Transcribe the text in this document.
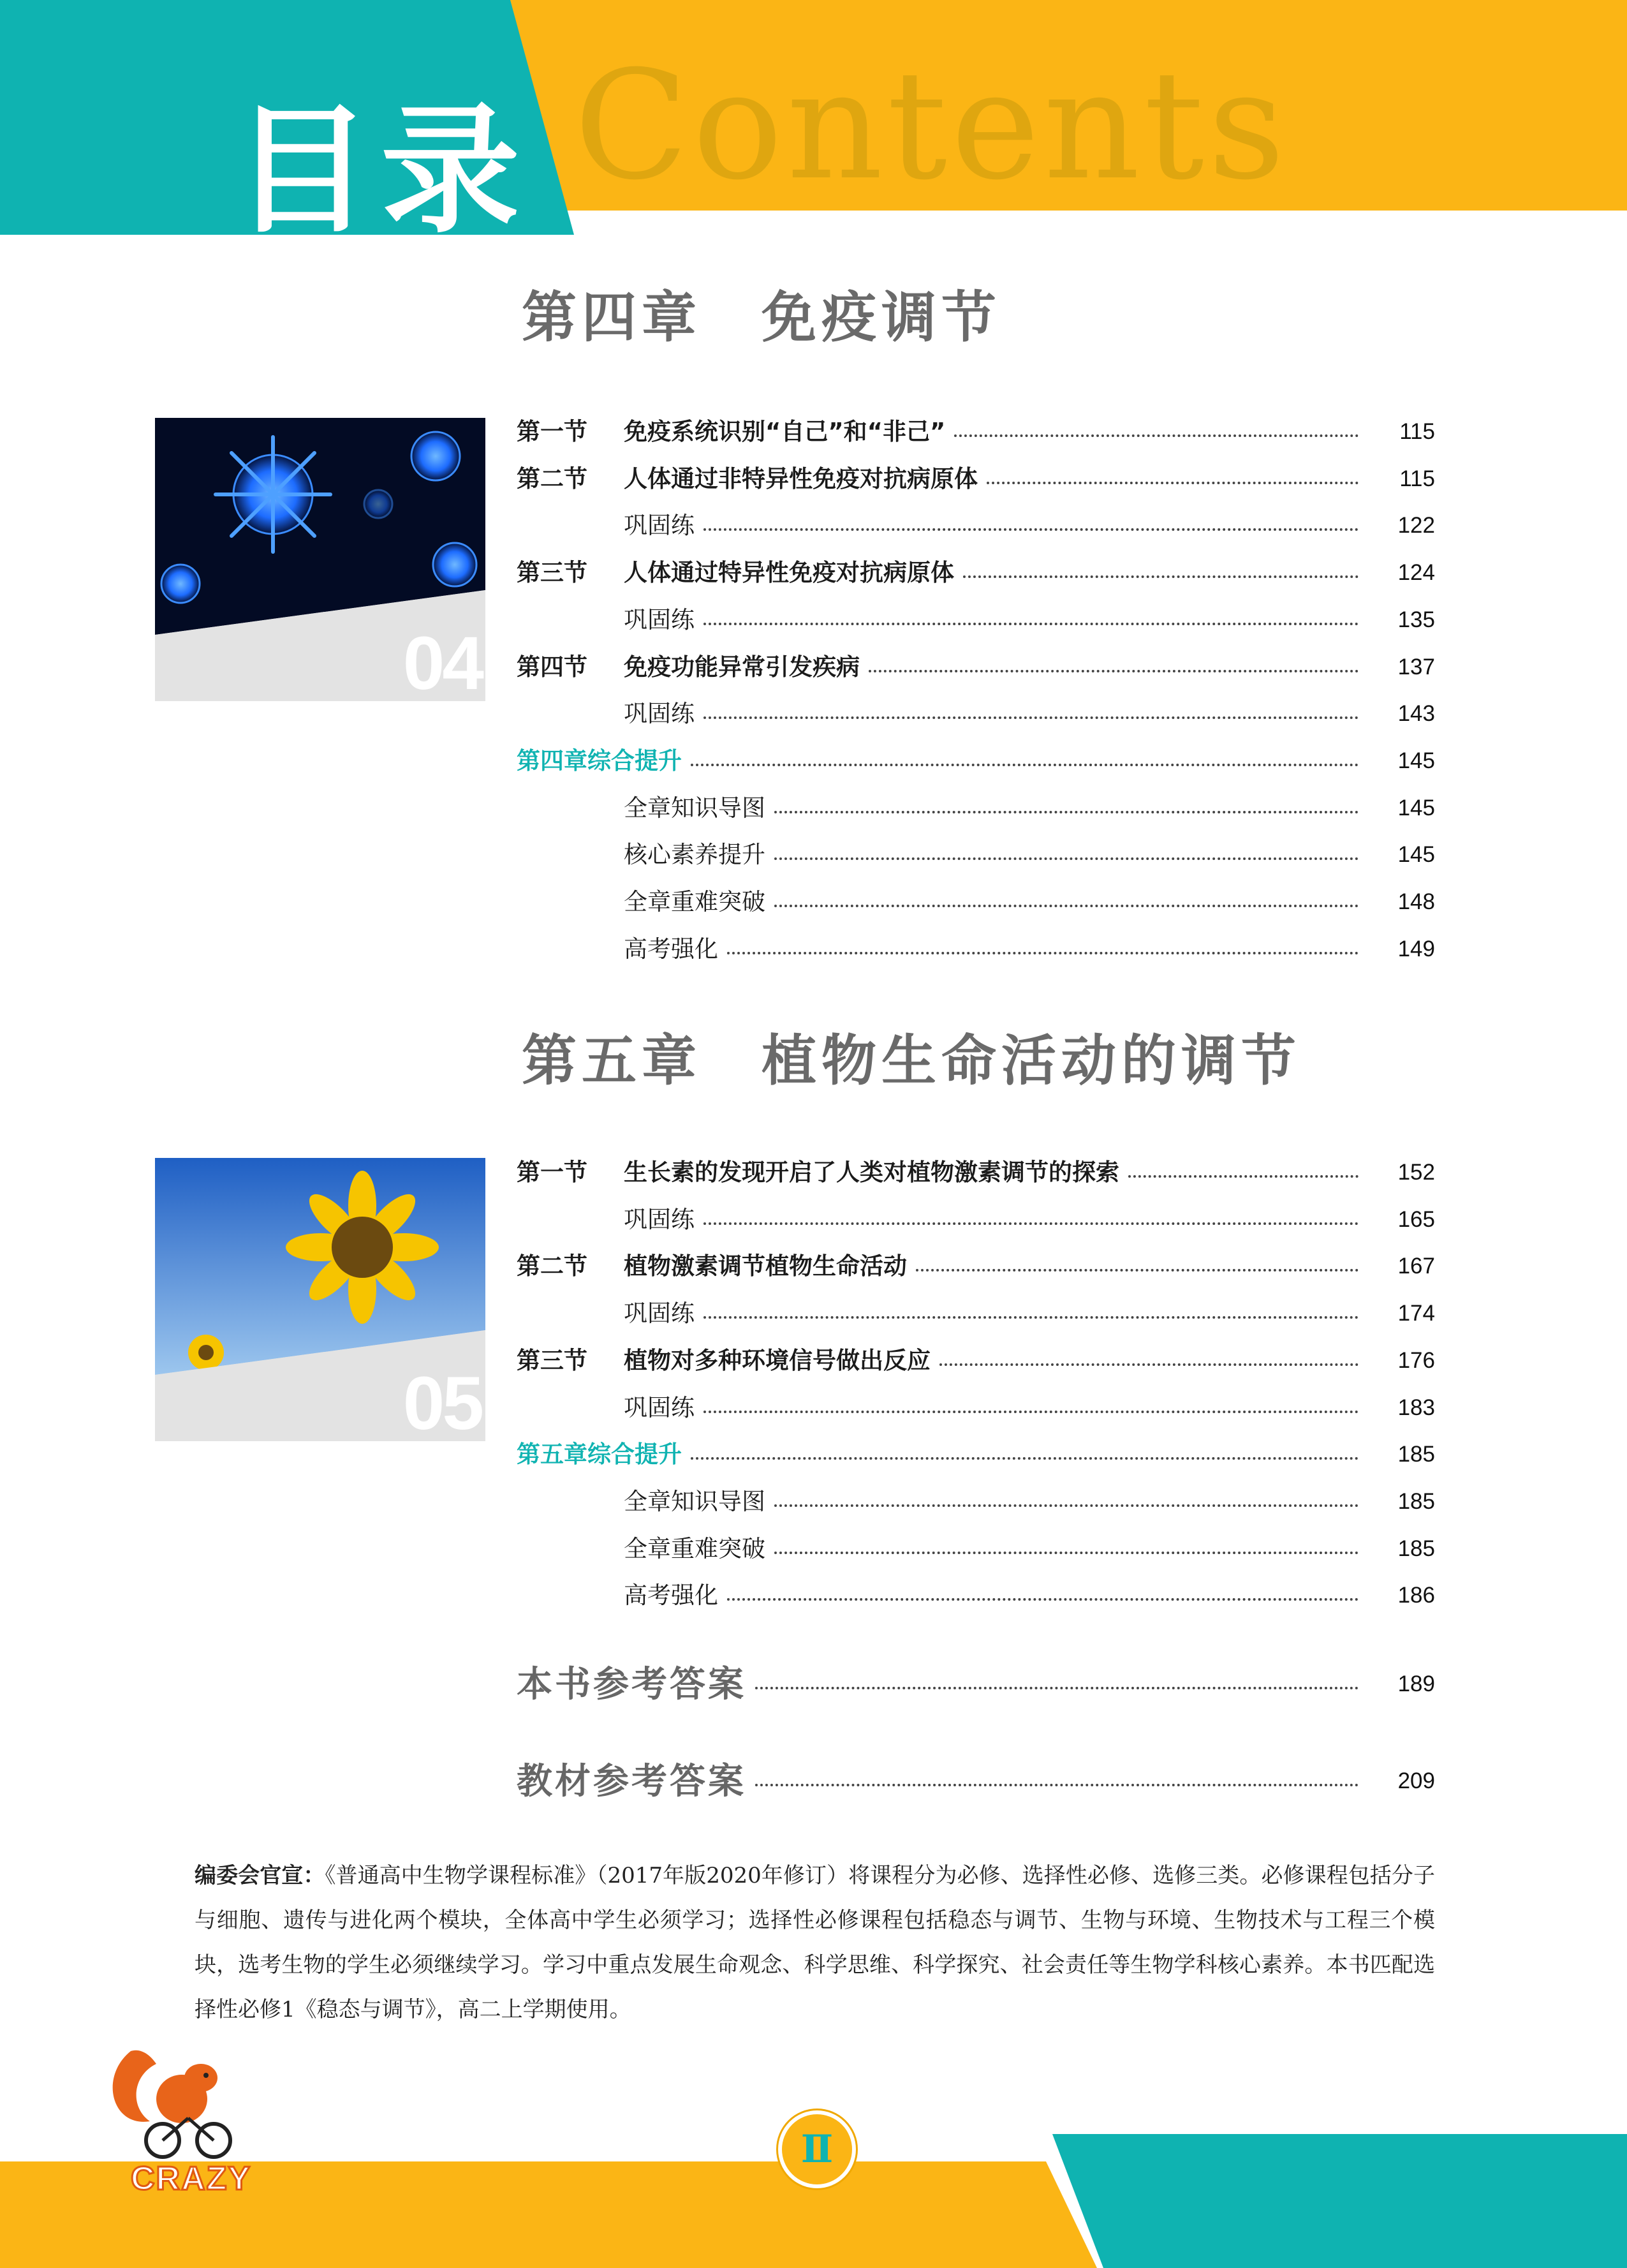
Contents
目录
第四章　免疫调节
04
第一节	免疫系统识别“自己”和“非己”	115
第二节	人体通过非特异性免疫对抗病原体	115
巩固练	122
第三节	人体通过特异性免疫对抗病原体	124
巩固练	135
第四节	免疫功能异常引发疾病	137
巩固练	143
第四章综合提升	145
全章知识导图	145
核心素养提升	145
全章重难突破	148
高考强化	149
第五章　植物生命活动的调节
05
第一节	生长素的发现开启了人类对植物激素调节的探索	152
巩固练	165
第二节	植物激素调节植物生命活动	167
巩固练	174
第三节	植物对多种环境信号做出反应	176
巩固练	183
第五章综合提升	185
全章知识导图	185
全章重难突破	185
高考强化	186
本书参考答案	189
教材参考答案	209
编委会官宣：《普通高中生物学课程标准》（2017年版2020年修订）将课程分为必修、选择性必修、选修三类。必修课程包括分子与细胞、遗传与进化两个模块，全体高中学生必须学习；选择性必修课程包括稳态与调节、生物与环境、生物技术与工程三个模块，选考生物的学生必须继续学习。学习中重点发展生命观念、科学思维、科学探究、社会责任等生物学科核心素养。本书匹配选择性必修1《稳态与调节》，高二上学期使用。
Ⅱ
CRAZY
